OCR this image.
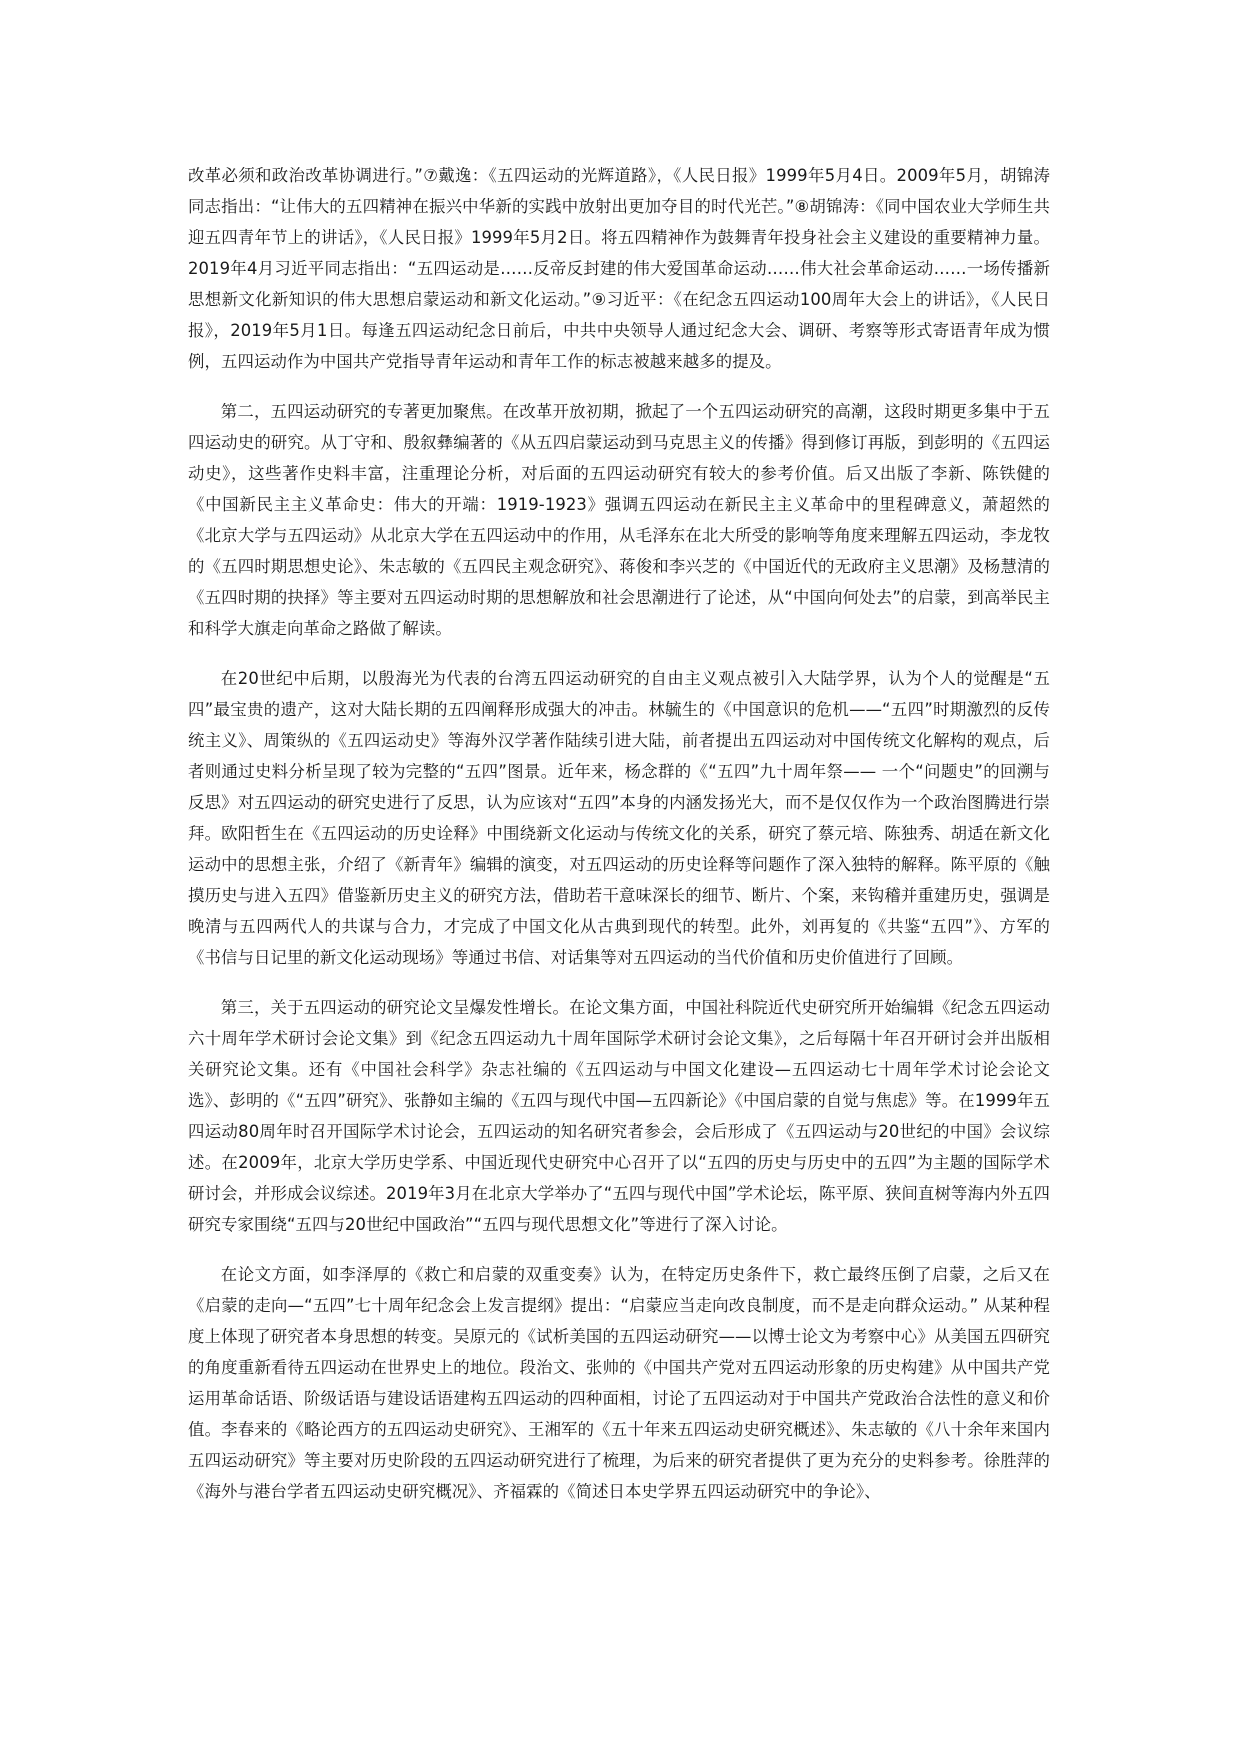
改革必须和政治改革协调进行。”⑦戴逸：《五四运动的光辉道路》，《人民日报》1999年5月4日。2009年5月，胡锦涛同志指出：“让伟大的五四精神在振兴中华新的实践中放射出更加夺目的时代光芒。”⑧胡锦涛：《同中国农业大学师生共迎五四青年节上的讲话》，《人民日报》1999年5月2日。将五四精神作为鼓舞青年投身社会主义建设的重要精神力量。2019年4月习近平同志指出：“五四运动是……反帝反封建的伟大爱国革命运动……伟大社会革命运动……一场传播新思想新文化新知识的伟大思想启蒙运动和新文化运动。”⑨习近平：《在纪念五四运动100周年大会上的讲话》，《人民日报》，2019年5月1日。每逢五四运动纪念日前后，中共中央领导人通过纪念大会、调研、考察等形式寄语青年成为惯例，五四运动作为中国共产党指导青年运动和青年工作的标志被越来越多的提及。

第二，五四运动研究的专著更加聚焦。在改革开放初期，掀起了一个五四运动研究的高潮，这段时期更多集中于五四运动史的研究。从丁守和、殷叙彝编著的《从五四启蒙运动到马克思主义的传播》得到修订再版，到彭明的《五四运动史》，这些著作史料丰富，注重理论分析，对后面的五四运动研究有较大的参考价值。后又出版了李新、陈铁健的《中国新民主主义革命史：伟大的开端：1919-1923》强调五四运动在新民主主义革命中的里程碑意义，萧超然的《北京大学与五四运动》从北京大学在五四运动中的作用，从毛泽东在北大所受的影响等角度来理解五四运动，李龙牧的《五四时期思想史论》、朱志敏的《五四民主观念研究》、蒋俊和李兴芝的《中国近代的无政府主义思潮》及杨慧清的《五四时期的抉择》等主要对五四运动时期的思想解放和社会思潮进行了论述，从“中国向何处去”的启蒙，到高举民主和科学大旗走向革命之路做了解读。

在20世纪中后期，以殷海光为代表的台湾五四运动研究的自由主义观点被引入大陆学界，认为个人的觉醒是“五四”最宝贵的遗产，这对大陆长期的五四阐释形成强大的冲击。林毓生的《中国意识的危机——“五四”时期激烈的反传统主义》、周策纵的《五四运动史》等海外汉学著作陆续引进大陆，前者提出五四运动对中国传统文化解构的观点，后者则通过史料分析呈现了较为完整的“五四”图景。近年来，杨念群的《“五四”九十周年祭—— 一个“问题史”的回溯与反思》对五四运动的研究史进行了反思，认为应该对“五四”本身的内涵发扬光大，而不是仅仅作为一个政治图腾进行崇拜。欧阳哲生在《五四运动的历史诠释》中围绕新文化运动与传统文化的关系，研究了蔡元培、陈独秀、胡适在新文化运动中的思想主张，介绍了《新青年》编辑的演变，对五四运动的历史诠释等问题作了深入独特的解释。陈平原的《触摸历史与进入五四》借鉴新历史主义的研究方法，借助若干意味深长的细节、断片、个案，来钩稽并重建历史，强调是晚清与五四两代人的共谋与合力，才完成了中国文化从古典到现代的转型。此外，刘再复的《共鉴“五四”》、方军的《书信与日记里的新文化运动现场》等通过书信、对话集等对五四运动的当代价值和历史价值进行了回顾。

第三，关于五四运动的研究论文呈爆发性增长。在论文集方面，中国社科院近代史研究所开始编辑《纪念五四运动六十周年学术研讨会论文集》到《纪念五四运动九十周年国际学术研讨会论文集》，之后每隔十年召开研讨会并出版相关研究论文集。还有《中国社会科学》杂志社编的《五四运动与中国文化建设—五四运动七十周年学术讨论会论文选》、彭明的《“五四”研究》、张静如主编的《五四与现代中国—五四新论》《中国启蒙的自觉与焦虑》等。在1999年五四运动80周年时召开国际学术讨论会，五四运动的知名研究者参会，会后形成了《五四运动与20世纪的中国》会议综述。在2009年，北京大学历史学系、中国近现代史研究中心召开了以“五四的历史与历史中的五四”为主题的国际学术研讨会，并形成会议综述。2019年3月在北京大学举办了“五四与现代中国”学术论坛，陈平原、狭间直树等海内外五四研究专家围绕“五四与20世纪中国政治”“五四与现代思想文化”等进行了深入讨论。

在论文方面，如李泽厚的《救亡和启蒙的双重变奏》认为，在特定历史条件下，救亡最终压倒了启蒙，之后又在《启蒙的走向—“五四”七十周年纪念会上发言提纲》提出：“启蒙应当走向改良制度，而不是走向群众运动。” 从某种程度上体现了研究者本身思想的转变。吴原元的《试析美国的五四运动研究——以博士论文为考察中心》从美国五四研究的角度重新看待五四运动在世界史上的地位。段治文、张帅的《中国共产党对五四运动形象的历史构建》从中国共产党运用革命话语、阶级话语与建设话语建构五四运动的四种面相，讨论了五四运动对于中国共产党政治合法性的意义和价值。李春来的《略论西方的五四运动史研究》、王湘军的《五十年来五四运动史研究概述》、朱志敏的《八十余年来国内五四运动研究》等主要对历史阶段的五四运动研究进行了梳理，为后来的研究者提供了更为充分的史料参考。徐胜萍的《海外与港台学者五四运动史研究概况》、齐福霖的《简述日本史学界五四运动研究中的争论》、
